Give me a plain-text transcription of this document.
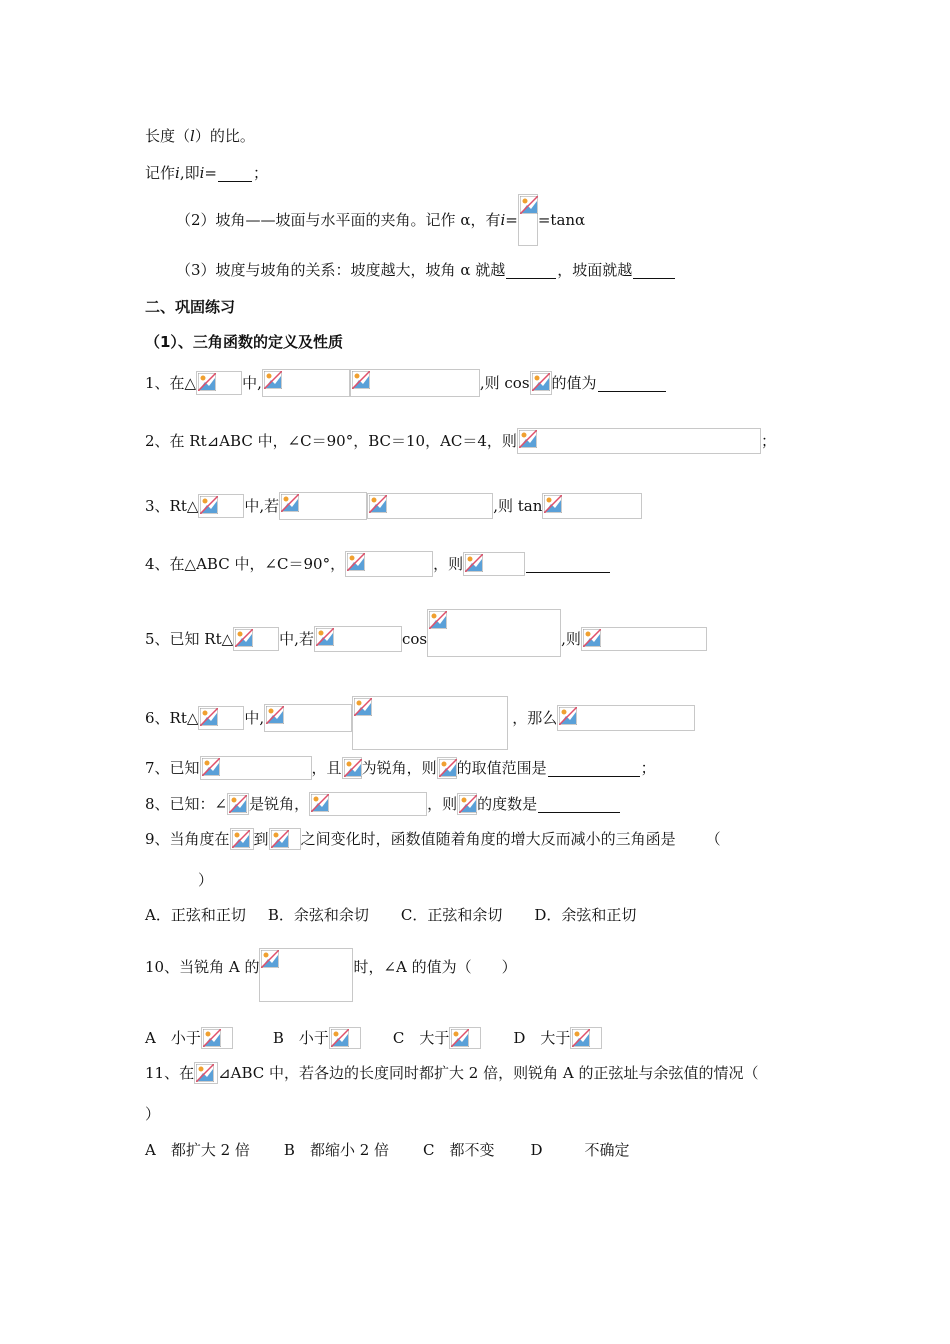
长度（ l ）的比。
记作 i ,即 i = ；
（2）坡角——坡面与水平面的夹角。记作 α，有 i = =tanα
（3）坡度与坡角的关系：坡度越大，坡角 α 就越	，坡面就越
二、巩固练习
（1）、三角函数的定义及性质
1、在△	中,	,则 cos 的值为
2、在 Rt⊿ABC 中，∠C＝90°，BC＝10，AC＝4，则	；
3、Rt△	中,若	,则 tan
4、在△ABC 中，∠C＝90°，	，则
5、已知 Rt△	中,若	cos	,则
6、Rt△	中,	，那么
7、已知	，且 为锐角，则 的取值范围是	；
8、已知：∠ 是锐角，	，则 的度数是
9、当角度在 到 之间变化时，函数值随着角度的增大反而减小的三角函是 （
）
A．正弦和正切 B．余弦和余切 C．正弦和余切 D．余弦和正切
10、当锐角 A 的	时，∠A 的值为（　　）
A　小于	B　小于	C　大于	D　大于
11、在 ⊿ABC 中，若各边的长度同时都扩大 2 倍，则锐角 A 的正弦址与余弦值的情况（
）
A　都扩大 2 倍 B　都缩小 2 倍 C　都不变 D	不确定
